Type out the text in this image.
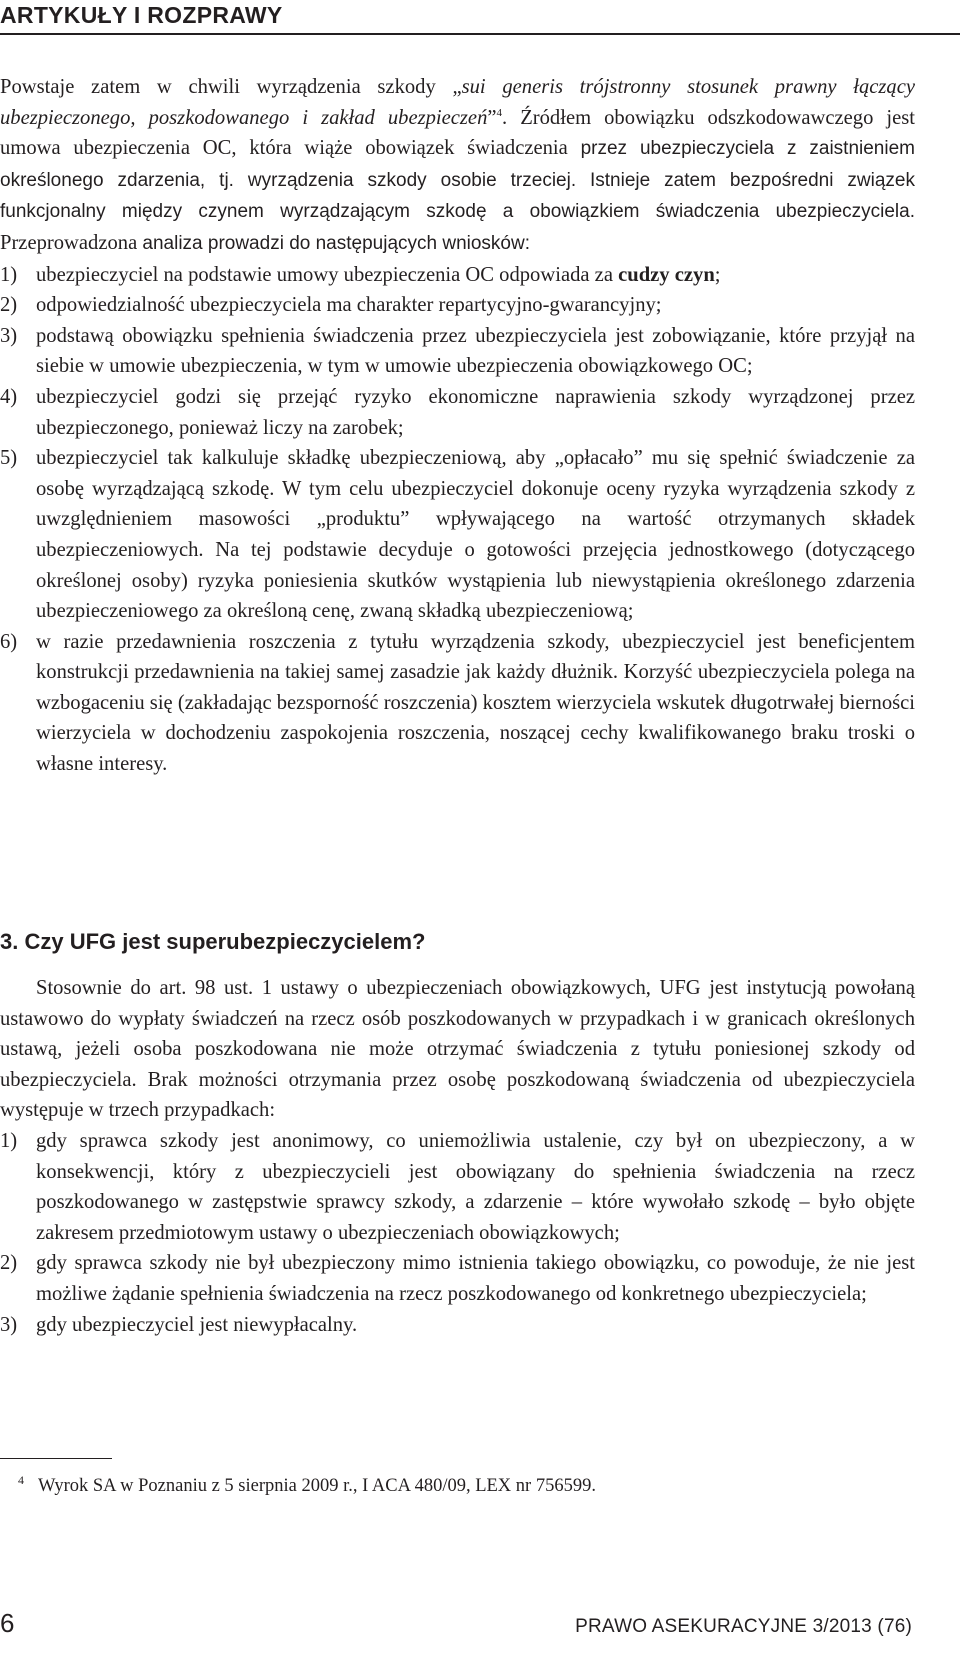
ARTYKUŁY I ROZPRAWY

Powstaje zatem w chwili wyrządzenia szkody „sui generis trójstronny stosunek prawny łączący ubezpieczonego, poszkodowanego i zakład ubezpieczeń”$^4$. Źródłem obowiązku odszkodowawczego jest umowa ubezpieczenia OC, która wiąże obowiązek świadczenia przez ubezpieczyciela z zaistnieniem określonego zdarzenia, tj. wyrządzenia szkody osobie trzeciej. Istnieje zatem bezpośredni związek funkcjonalny między czynem wyrządzającym szkodę a obowiązkiem świadczenia ubezpieczyciela. Przeprowadzona analiza prowadzi do następujących wniosków:

1) ubezpieczyciel na podstawie umowy ubezpieczenia OC odpowiada za cudzy czyn;
2) odpowiedzialność ubezpieczyciela ma charakter repartycyjno-gwarancyjny;
3) podstawą obowiązku spełnienia świadczenia przez ubezpieczyciela jest zobowiązanie, które przyjął na siebie w umowie ubezpieczenia, w tym w umowie ubezpieczenia obowiązkowego OC;
4) ubezpieczyciel godzi się przejąć ryzyko ekonomiczne naprawienia szkody wyrządzonej przez ubezpieczonego, ponieważ liczy na zarobek;
5) ubezpieczyciel tak kalkuluje składkę ubezpieczeniową, aby „opłacało” mu się spełnić świadczenie za osobę wyrządzającą szkodę. W tym celu ubezpieczyciel dokonuje oceny ryzyka wyrządzenia szkody z uwzględnieniem masowości „produktu” wpływającego na wartość otrzymanych składek ubezpieczeniowych. Na tej podstawie decyduje o gotowości przejęcia jednostkowego (dotyczącego określonej osoby) ryzyka poniesienia skutków wystąpienia lub niewystąpienia określonego zdarzenia ubezpieczeniowego za określoną cenę, zwaną składką ubezpieczeniową;
6) w razie przedawnienia roszczenia z tytułu wyrządzenia szkody, ubezpieczyciel jest beneficjentem konstrukcji przedawnienia na takiej samej zasadzie jak każdy dłużnik. Korzyść ubezpieczyciela polega na wzbogaceniu się (zakładając bezsporność roszczenia) kosztem wierzyciela wskutek długotrwałej bierności wierzyciela w dochodzeniu zaspokojenia roszczenia, noszącej cechy kwalifikowanego braku troski o własne interesy.
3. Czy UFG jest superubezpieczycielem?

Stosownie do art. 98 ust. 1 ustawy o ubezpieczeniach obowiązkowych, UFG jest instytucją powołaną ustawowo do wypłaty świadczeń na rzecz osób poszkodowanych w przypadkach i w granicach określonych ustawą, jeżeli osoba poszkodowana nie może otrzymać świadczenia z tytułu poniesionej szkody od ubezpieczyciela. Brak możności otrzymania przez osobę poszkodowaną świadczenia od ubezpieczyciela występuje w trzech przypadkach:

1) gdy sprawca szkody jest anonimowy, co uniemożliwia ustalenie, czy był on ubezpieczony, a w konsekwencji, który z ubezpieczycieli jest obowiązany do spełnienia świadczenia na rzecz poszkodowanego w zastępstwie sprawcy szkody, a zdarzenie – które wywołało szkodę – było objęte zakresem przedmiotowym ustawy o ubezpieczeniach obowiązkowych;
2) gdy sprawca szkody nie był ubezpieczony mimo istnienia takiego obowiązku, co powoduje, że nie jest możliwe żądanie spełnienia świadczenia na rzecz poszkodowanego od konkretnego ubezpieczyciela;
3) gdy ubezpieczyciel jest niewypłacalny.
4 Wyrok SA w Poznaniu z 5 sierpnia 2009 r., I ACA 480/09, LEX nr 756599.
6	PRAWO ASEKURACYJNE 3/2013 (76)
